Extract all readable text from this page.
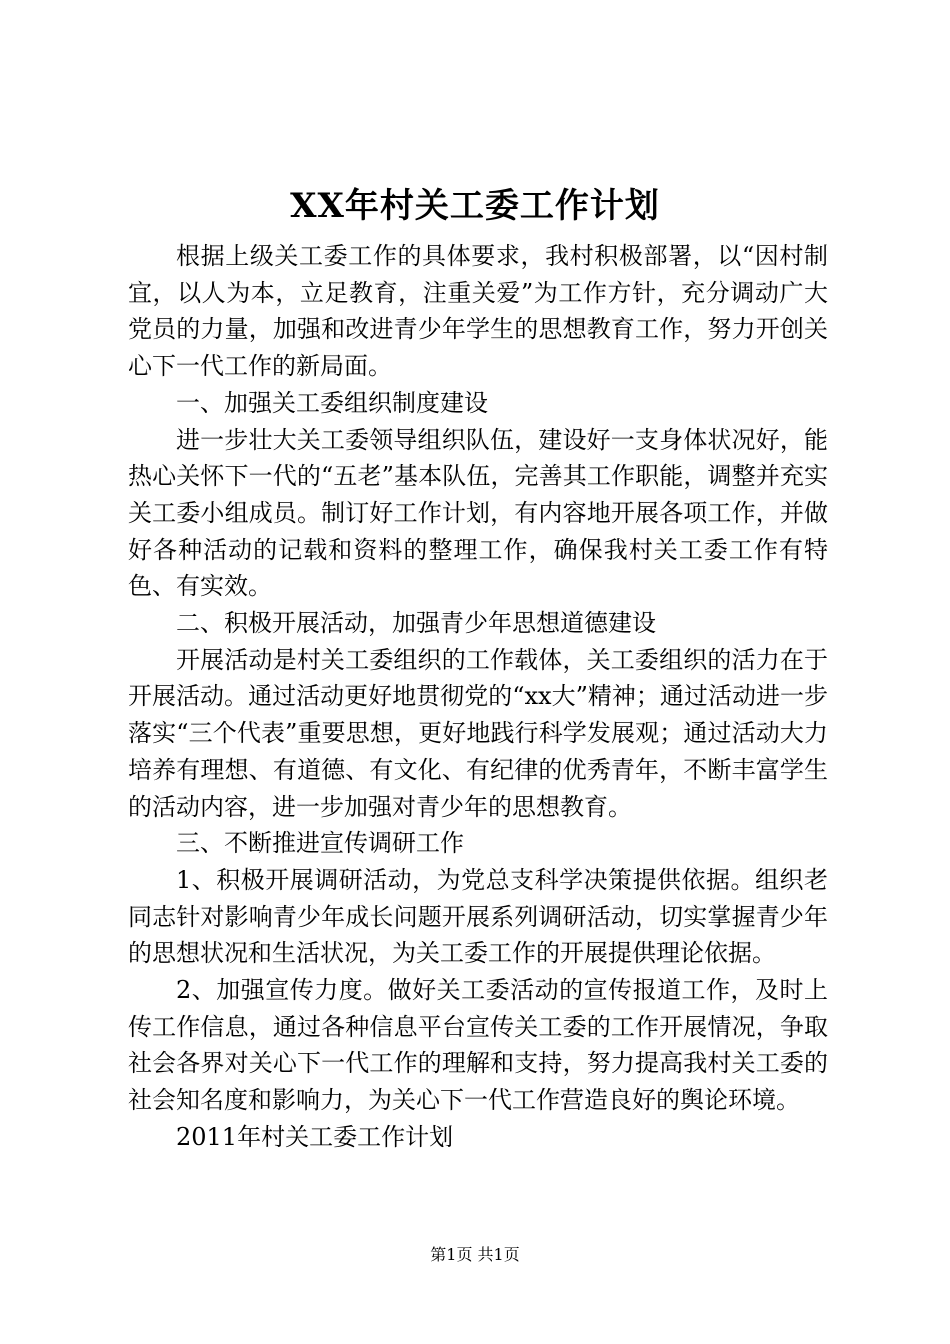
XX年村关工委工作计划

根据上级关工委工作的具体要求，我村积极部署，以“因村制宜，以人为本，立足教育，注重关爱”为工作方针，充分调动广大党员的力量，加强和改进青少年学生的思想教育工作，努力开创关心下一代工作的新局面。

一、加强关工委组织制度建设

进一步壮大关工委领导组织队伍，建设好一支身体状况好，能热心关怀下一代的“五老”基本队伍，完善其工作职能，调整并充实关工委小组成员。制订好工作计划，有内容地开展各项工作，并做好各种活动的记载和资料的整理工作，确保我村关工委工作有特色、有实效。

二、积极开展活动，加强青少年思想道德建设

开展活动是村关工委组织的工作载体，关工委组织的活力在于开展活动。通过活动更好地贯彻党的“xx大”精神；通过活动进一步落实“三个代表”重要思想，更好地践行科学发展观；通过活动大力培养有理想、有道德、有文化、有纪律的优秀青年，不断丰富学生的活动内容，进一步加强对青少年的思想教育。

三、不断推进宣传调研工作

1、积极开展调研活动，为党总支科学决策提供依据。组织老同志针对影响青少年成长问题开展系列调研活动，切实掌握青少年的思想状况和生活状况，为关工委工作的开展提供理论依据。

2、加强宣传力度。做好关工委活动的宣传报道工作，及时上传工作信息，通过各种信息平台宣传关工委的工作开展情况，争取社会各界对关心下一代工作的理解和支持，努力提高我村关工委的社会知名度和影响力，为关心下一代工作营造良好的舆论环境。

2011年村关工委工作计划

第1页 共1页
